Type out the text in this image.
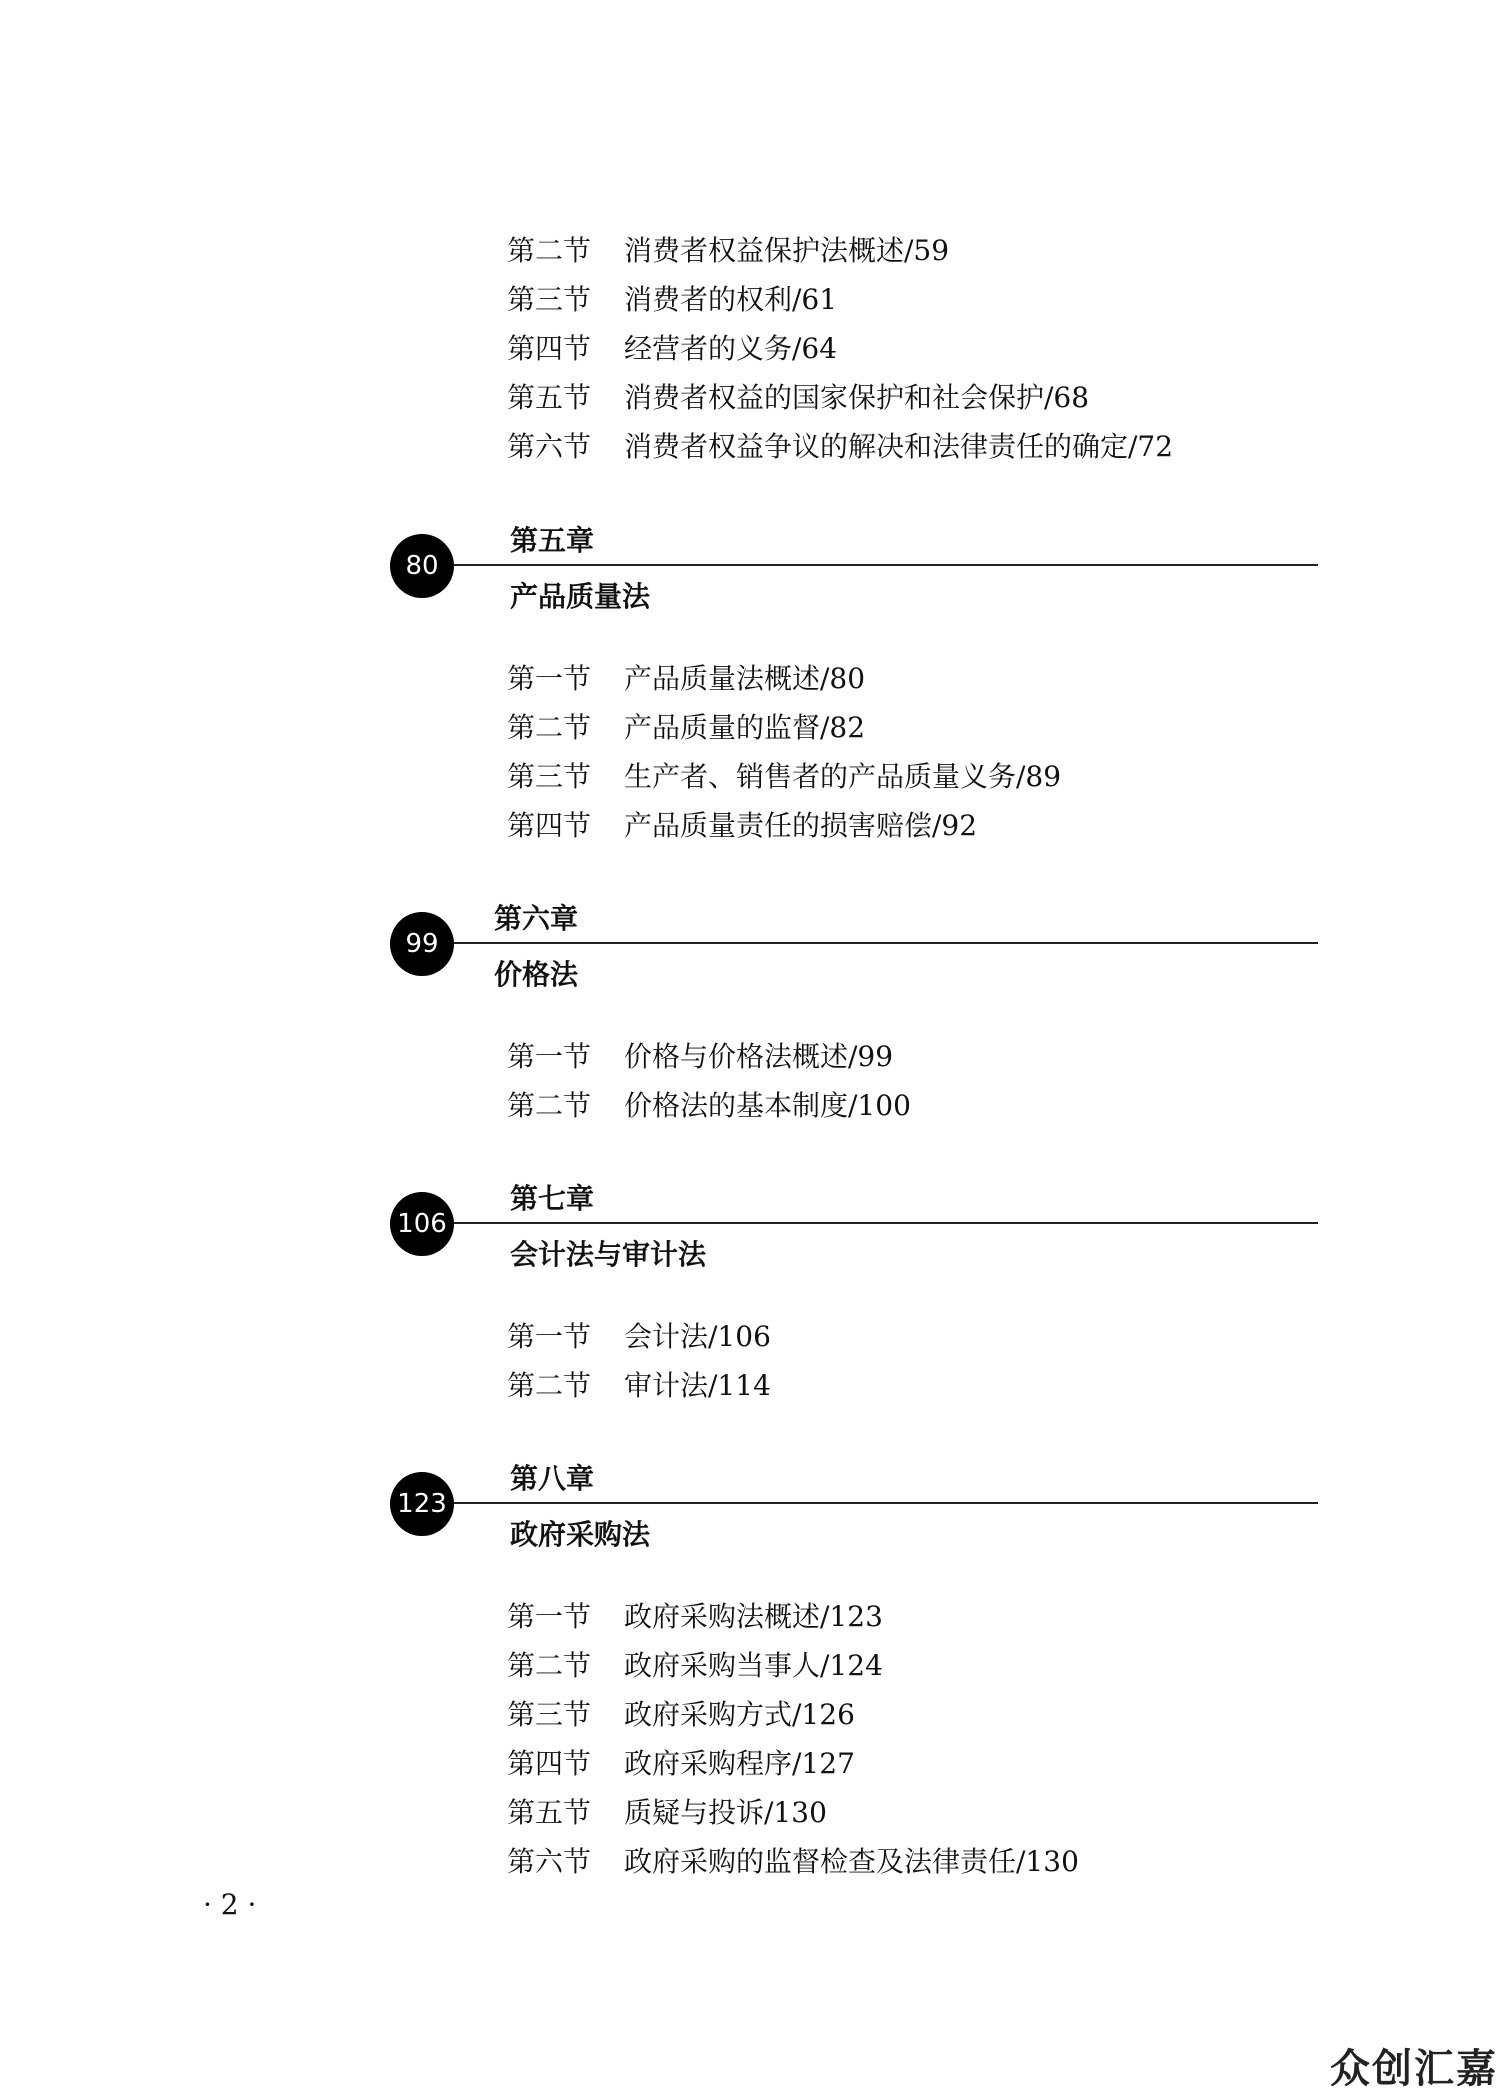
第二节 消费者权益保护法概述/59
第三节 消费者的权利/61
第四节 经营者的义务/64
第五节 消费者权益的国家保护和社会保护/68
第六节 消费者权益争议的解决和法律责任的确定/72
80
第五章
产品质量法
第一节 产品质量法概述/80
第二节 产品质量的监督/82
第三节 生产者、销售者的产品质量义务/89
第四节 产品质量责任的损害赔偿/92
99
第六章
价格法
第一节 价格与价格法概述/99
第二节 价格法的基本制度/100
106
第七章
会计法与审计法
第一节 会计法/106
第二节 审计法/114
123
第八章
政府采购法
第一节 政府采购法概述/123
第二节 政府采购当事人/124
第三节 政府采购方式/126
第四节 政府采购程序/127
第五节 质疑与投诉/130
第六节 政府采购的监督检查及法律责任/130
· 2 ·
众创汇嘉
